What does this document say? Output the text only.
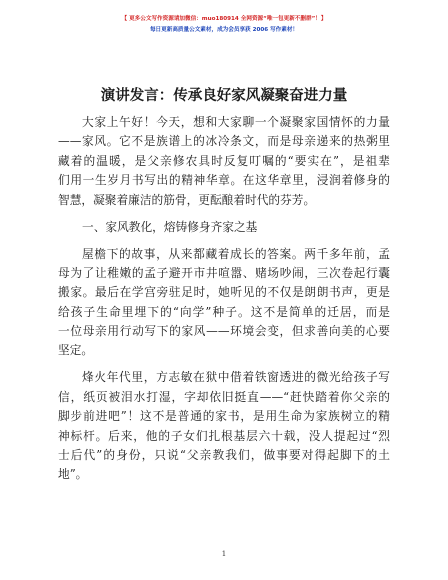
【 更多公文写作资源请加微信：muo180914 全网资源“唯一包更新不删群”！】
每日更新高质量公文素材，成为会员享获 2006 写作素材！
演讲发言：传承良好家风凝聚奋进力量
大家上午好！今天，想和大家聊一个凝聚家国情怀的力量
——家风。它不是族谱上的冰冷条文，而是母亲递来的热粥里
藏着的温暖，是父亲修农具时反复叮嘱的“要实在”，是祖辈
们用一生岁月书写出的精神华章。在这华章里，浸润着修身的
智慧，凝聚着廉洁的筋骨，更酝酿着时代的芬芳。
一、家风教化，熔铸修身齐家之基
屋檐下的故事，从来都藏着成长的答案。两千多年前，孟
母为了让稚嫩的孟子避开市井喧嚣、赌场吵闹，三次卷起行囊
搬家。最后在学宫旁驻足时，她听见的不仅是朗朗书声，更是
给孩子生命里埋下的“向学”种子。这不是简单的迁居，而是
一位母亲用行动写下的家风——环境会变，但求善向美的心要
坚定。
烽火年代里，方志敏在狱中借着铁窗透进的微光给孩子写
信，纸页被泪水打湿，字却依旧挺直——“赶快踏着你父亲的
脚步前进吧”！这不是普通的家书，是用生命为家族树立的精
神标杆。后来，他的子女们扎根基层六十载，没人提起过“烈
士后代”的身份，只说“父亲教我们，做事要对得起脚下的土
地”。
1
